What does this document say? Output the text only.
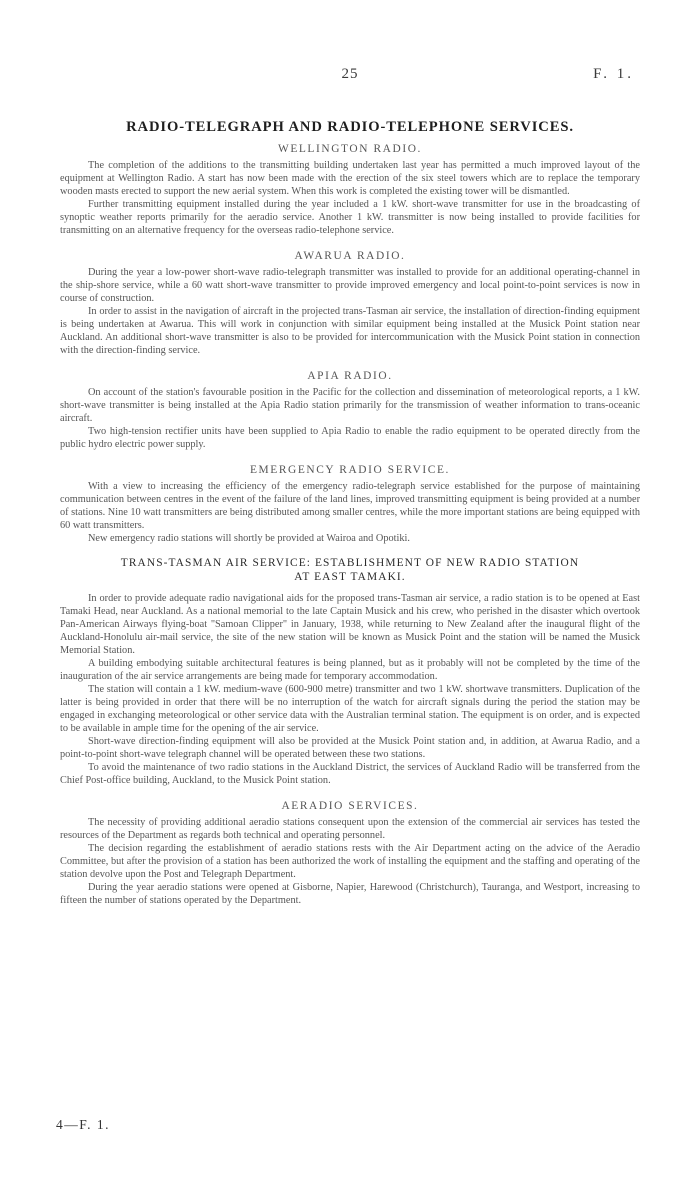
25	F. 1.
RADIO-TELEGRAPH AND RADIO-TELEPHONE SERVICES.
WELLINGTON RADIO.

The completion of the additions to the transmitting building undertaken last year has permitted a much improved layout of the equipment at Wellington Radio. A start has now been made with the erection of the six steel towers which are to replace the temporary wooden masts erected to support the new aerial system. When this work is completed the existing tower will be dismantled.

Further transmitting equipment installed during the year included a 1 kW. short-wave transmitter for use in the broadcasting of synoptic weather reports primarily for the aeradio service. Another 1 kW. transmitter is now being installed to provide facilities for transmitting on an alternative frequency for the overseas radio-telephone service.

AWARUA RADIO.

During the year a low-power short-wave radio-telegraph transmitter was installed to provide for an additional operating-channel in the ship-shore service, while a 60 watt short-wave transmitter to provide improved emergency and local point-to-point services is now in course of construction.

In order to assist in the navigation of aircraft in the projected trans-Tasman air service, the installation of direction-finding equipment is being undertaken at Awarua. This will work in conjunction with similar equipment being installed at the Musick Point station near Auckland. An additional short-wave transmitter is also to be provided for intercommunication with the Musick Point station in connection with the direction-finding service.

APIA RADIO.

On account of the station's favourable position in the Pacific for the collection and dissemination of meteorological reports, a 1 kW. short-wave transmitter is being installed at the Apia Radio station primarily for the transmission of weather information to trans-oceanic aircraft.

Two high-tension rectifier units have been supplied to Apia Radio to enable the radio equipment to be operated directly from the public hydro electric power supply.

EMERGENCY RADIO SERVICE.

With a view to increasing the efficiency of the emergency radio-telegraph service established for the purpose of maintaining communication between centres in the event of the failure of the land lines, improved transmitting equipment is being provided at a number of stations. Nine 10 watt transmitters are being distributed among smaller centres, while the more important stations are being equipped with 60 watt transmitters.

New emergency radio stations will shortly be provided at Wairoa and Opotiki.

TRANS-TASMAN AIR SERVICE: ESTABLISHMENT OF NEW RADIO STATION
AT EAST TAMAKI.

In order to provide adequate radio navigational aids for the proposed trans-Tasman air service, a radio station is to be opened at East Tamaki Head, near Auckland. As a national memorial to the late Captain Musick and his crew, who perished in the disaster which overtook Pan-American Airways flying-boat "Samoan Clipper" in January, 1938, while returning to New Zealand after the inaugural flight of the Auckland-Honolulu air-mail service, the site of the new station will be known as Musick Point and the station will be named the Musick Memorial Station.

A building embodying suitable architectural features is being planned, but as it probably will not be completed by the time of the inauguration of the air service arrangements are being made for temporary accommodation.

The station will contain a 1 kW. medium-wave (600-900 metre) transmitter and two 1 kW. shortwave transmitters. Duplication of the latter is being provided in order that there will be no interruption of the watch for aircraft signals during the period the station may be engaged in exchanging meteorological or other service data with the Australian terminal station. The equipment is on order, and is expected to be available in ample time for the opening of the air service.

Short-wave direction-finding equipment will also be provided at the Musick Point station and, in addition, at Awarua Radio, and a point-to-point short-wave telegraph channel will be operated between these two stations.

To avoid the maintenance of two radio stations in the Auckland District, the services of Auckland Radio will be transferred from the Chief Post-office building, Auckland, to the Musick Point station.

AERADIO SERVICES.

The necessity of providing additional aeradio stations consequent upon the extension of the commercial air services has tested the resources of the Department as regards both technical and operating personnel.

The decision regarding the establishment of aeradio stations rests with the Air Department acting on the advice of the Aeradio Committee, but after the provision of a station has been authorized the work of installing the equipment and the staffing and operating of the station devolve upon the Post and Telegraph Department.

During the year aeradio stations were opened at Gisborne, Napier, Harewood (Christchurch), Tauranga, and Westport, increasing to fifteen the number of stations operated by the Department.

4—F. 1.
